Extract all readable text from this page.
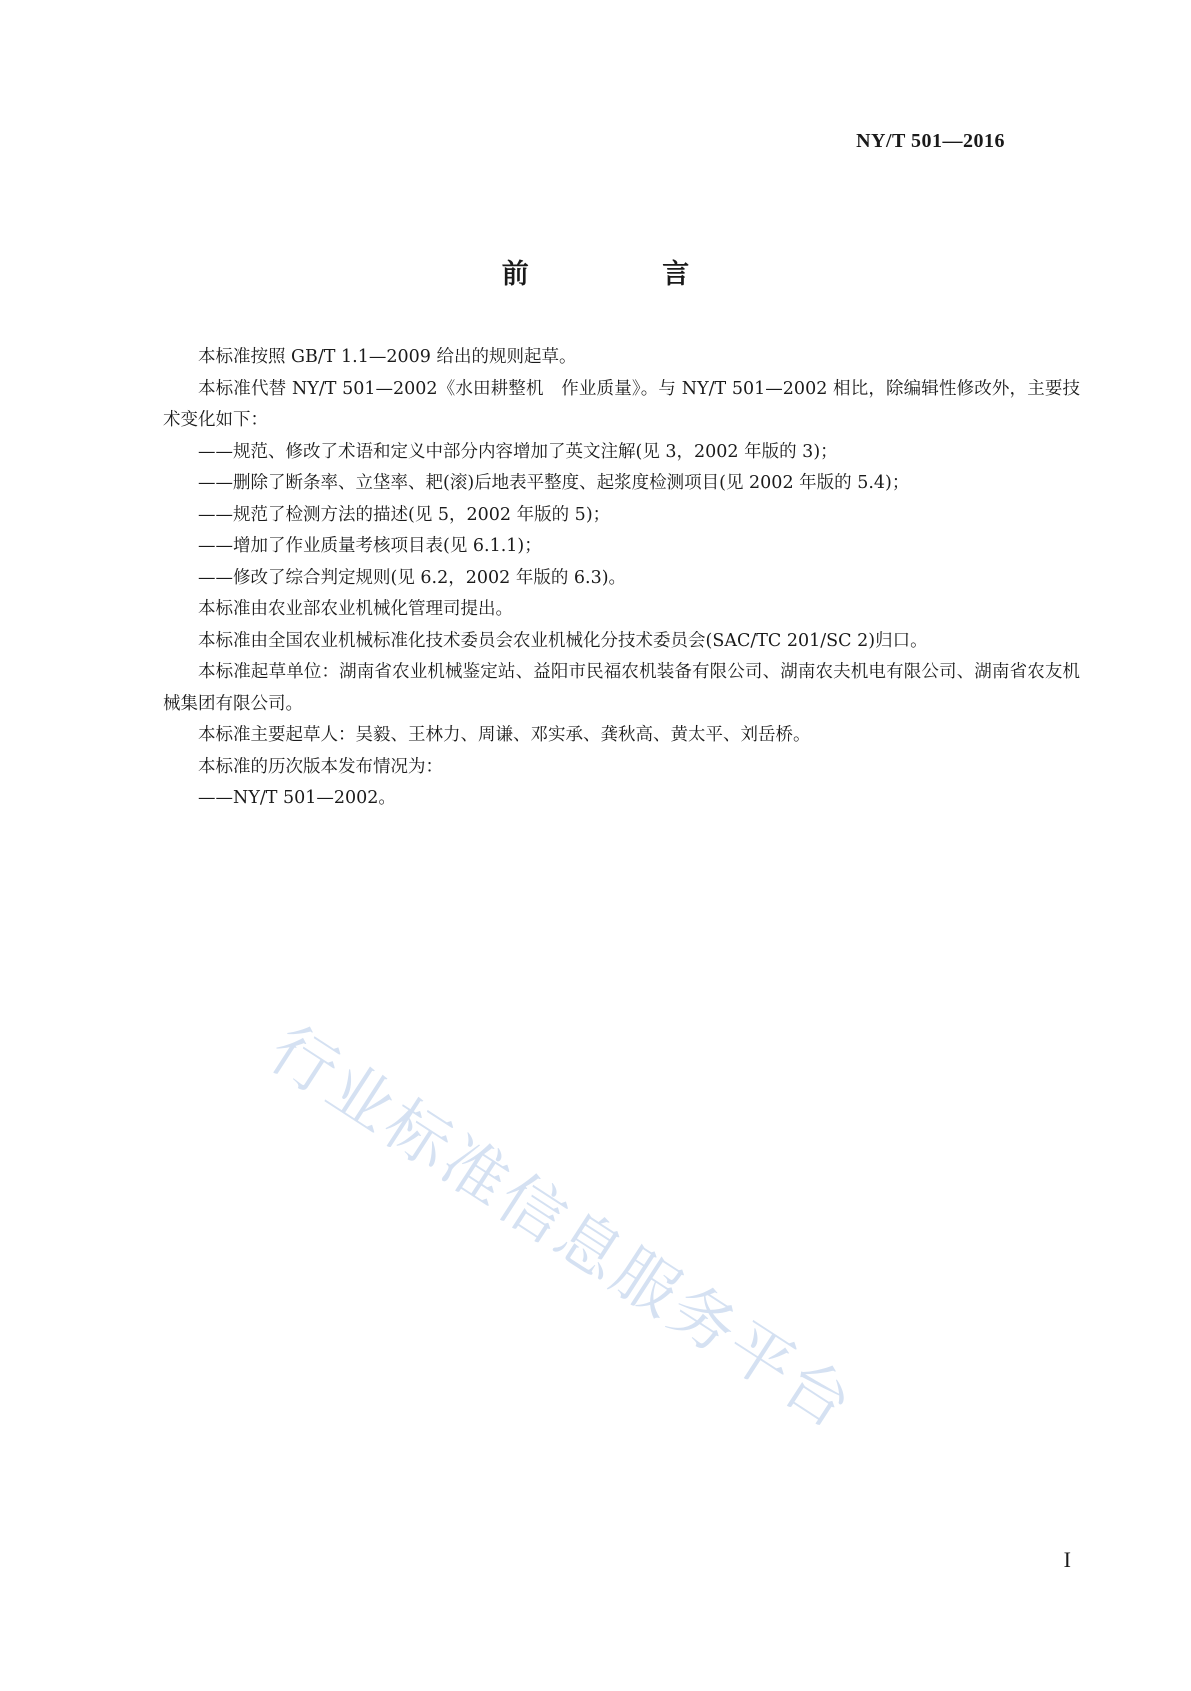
NY/T 501—2016
前 言

本标准按照 GB/T 1.1—2009 给出的规则起草。

本标准代替 NY/T 501—2002《水田耕整机　作业质量》。与 NY/T 501—2002 相比，除编辑性修改外，主要技术变化如下：

——规范、修改了术语和定义中部分内容增加了英文注解(见 3，2002 年版的 3)；

——删除了断条率、立垡率、耙(滚)后地表平整度、起浆度检测项目(见 2002 年版的 5.4)；

——规范了检测方法的描述(见 5，2002 年版的 5)；

——增加了作业质量考核项目表(见 6.1.1)；

——修改了综合判定规则(见 6.2，2002 年版的 6.3)。

本标准由农业部农业机械化管理司提出。

本标准由全国农业机械标准化技术委员会农业机械化分技术委员会(SAC/TC 201/SC 2)归口。

本标准起草单位：湖南省农业机械鉴定站、益阳市民福农机装备有限公司、湖南农夫机电有限公司、湖南省农友机械集团有限公司。

本标准主要起草人：吴毅、王林力、周谦、邓实承、龚秋高、黄太平、刘岳桥。

本标准的历次版本发布情况为：

——NY/T 501—2002。

行业标准信息服务平台
I
